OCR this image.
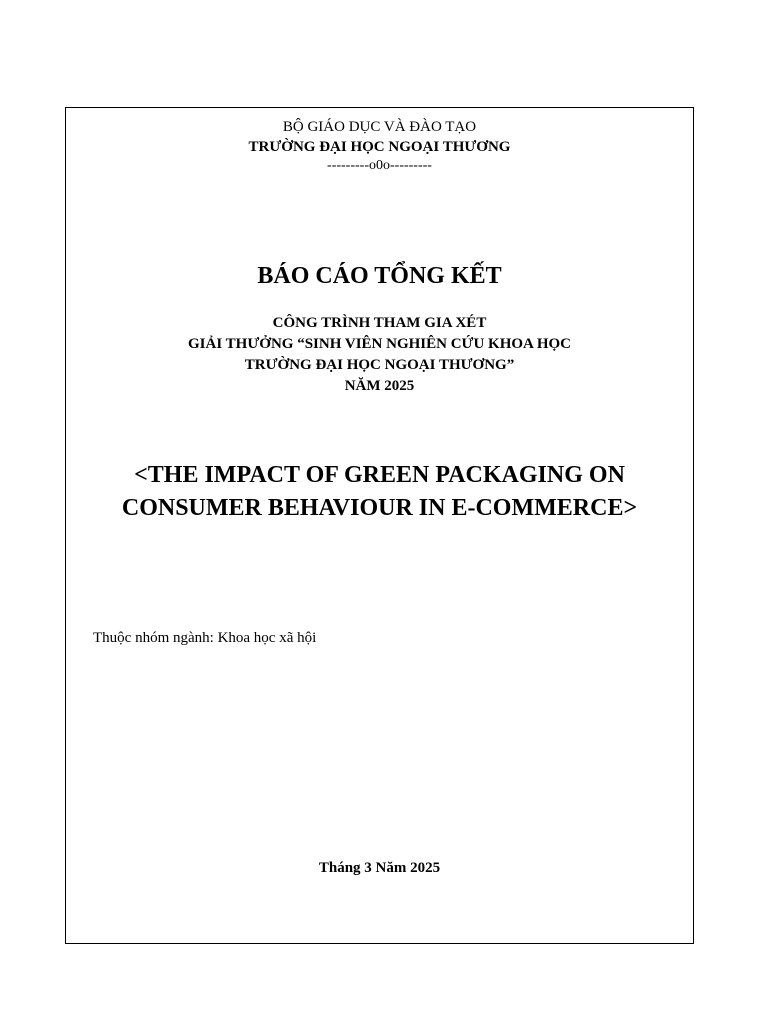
BỘ GIÁO DỤC VÀ ĐÀO TẠO
TRƯỜNG ĐẠI HỌC NGOẠI THƯƠNG
---------o0o---------
BÁO CÁO TỔNG KẾT
CÔNG TRÌNH THAM GIA XÉT
GIẢI THƯỞNG “SINH VIÊN NGHIÊN CỨU KHOA HỌC
TRƯỜNG ĐẠI HỌC NGOẠI THƯƠNG”
NĂM 2025
<THE IMPACT OF GREEN PACKAGING ON
CONSUMER BEHAVIOUR IN E-COMMERCE>
Thuộc nhóm ngành: Khoa học xã hội
Tháng 3 Năm 2025
